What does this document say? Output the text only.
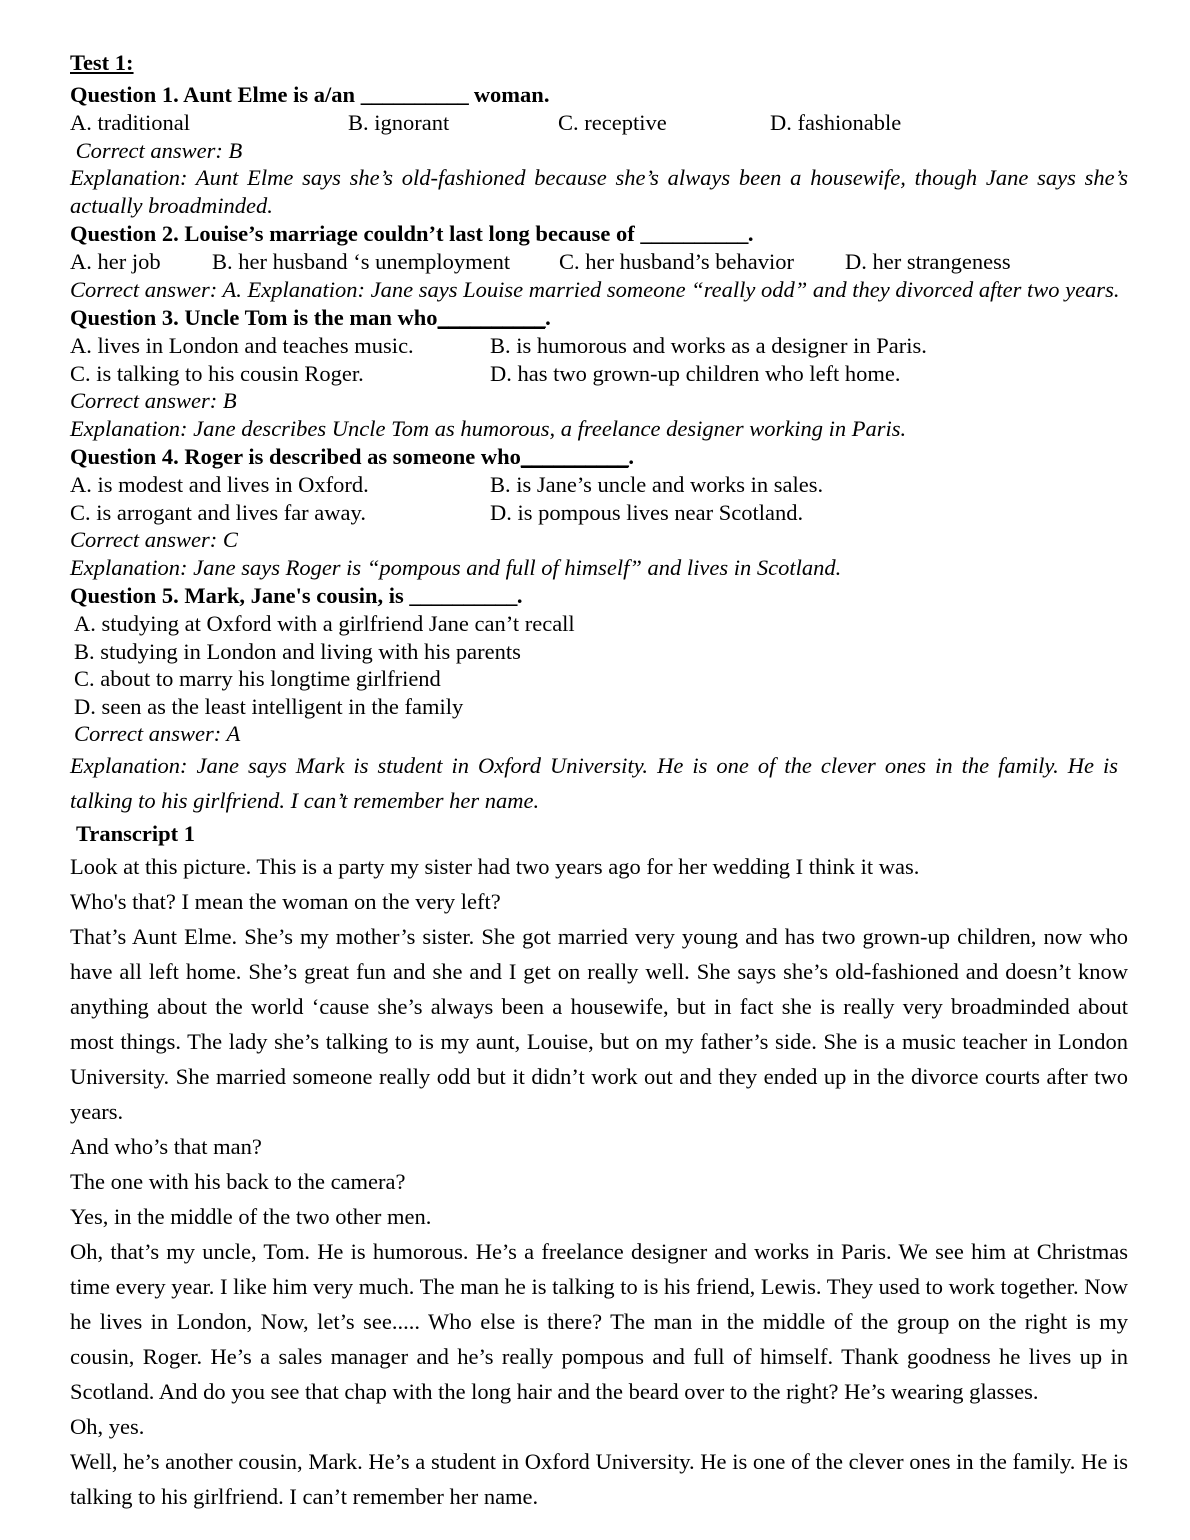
Test 1:
Question 1. Aunt Elme is a/an __________ woman.
A. traditional	B. ignorant	C. receptive	D. fashionable
Correct answer: B
Explanation: Aunt Elme says she’s old-fashioned because she’s always been a housewife, though Jane says she’s actually broadminded.
Question 2. Louise’s marriage couldn’t last long because of __________.
A. her job B. her husband ‘s unemployment C. her husband’s behavior D. her strangeness
Correct answer: A. Explanation: Jane says Louise married someone “really odd” and they divorced after two years.
Question 3. Uncle Tom is the man who__________.
A. lives in London and teaches music.	B. is humorous and works as a designer in Paris.
C. is talking to his cousin Roger.	D. has two grown-up children who left home.
Correct answer: B
Explanation: Jane describes Uncle Tom as humorous, a freelance designer working in Paris.
Question 4. Roger is described as someone who__________.
A. is modest and lives in Oxford.	B. is Jane’s uncle and works in sales.
C. is arrogant and lives far away.	D. is pompous lives near Scotland.
Correct answer: C
Explanation: Jane says Roger is “pompous and full of himself” and lives in Scotland.
Question 5. Mark, Jane's cousin, is __________.
A. studying at Oxford with a girlfriend Jane can’t recall
B. studying in London and living with his parents
C. about to marry his longtime girlfriend
D. seen as the least intelligent in the family
Correct answer: A
Explanation: Jane says Mark is student in Oxford University. He is one of the clever ones in the family. He is talking to his girlfriend. I can’t remember her name.
Transcript 1
Look at this picture. This is a party my sister had two years ago for her wedding I think it was.
Who's that? I mean the woman on the very left?
That’s Aunt Elme. She’s my mother’s sister. She got married very young and has two grown-up children, now who have all left home. She’s great fun and she and I get on really well. She says she’s old-fashioned and doesn’t know anything about the world ‘cause she’s always been a housewife, but in fact she is really very broadminded about most things. The lady she’s talking to is my aunt, Louise, but on my father’s side. She is a music teacher in London University. She married someone really odd but it didn’t work out and they ended up in the divorce courts after two years.
And who’s that man?
The one with his back to the camera?
Yes, in the middle of the two other men.
Oh, that’s my uncle, Tom. He is humorous. He’s a freelance designer and works in Paris. We see him at Christmas time every year. I like him very much. The man he is talking to is his friend, Lewis. They used to work together. Now he lives in London, Now, let’s see..... Who else is there? The man in the middle of the group on the right is my cousin, Roger. He’s a sales manager and he’s really pompous and full of himself. Thank goodness he lives up in Scotland. And do you see that chap with the long hair and the beard over to the right? He’s wearing glasses.
Oh, yes.
Well, he’s another cousin, Mark. He’s a student in Oxford University. He is one of the clever ones in the family. He is talking to his girlfriend. I can’t remember her name.
